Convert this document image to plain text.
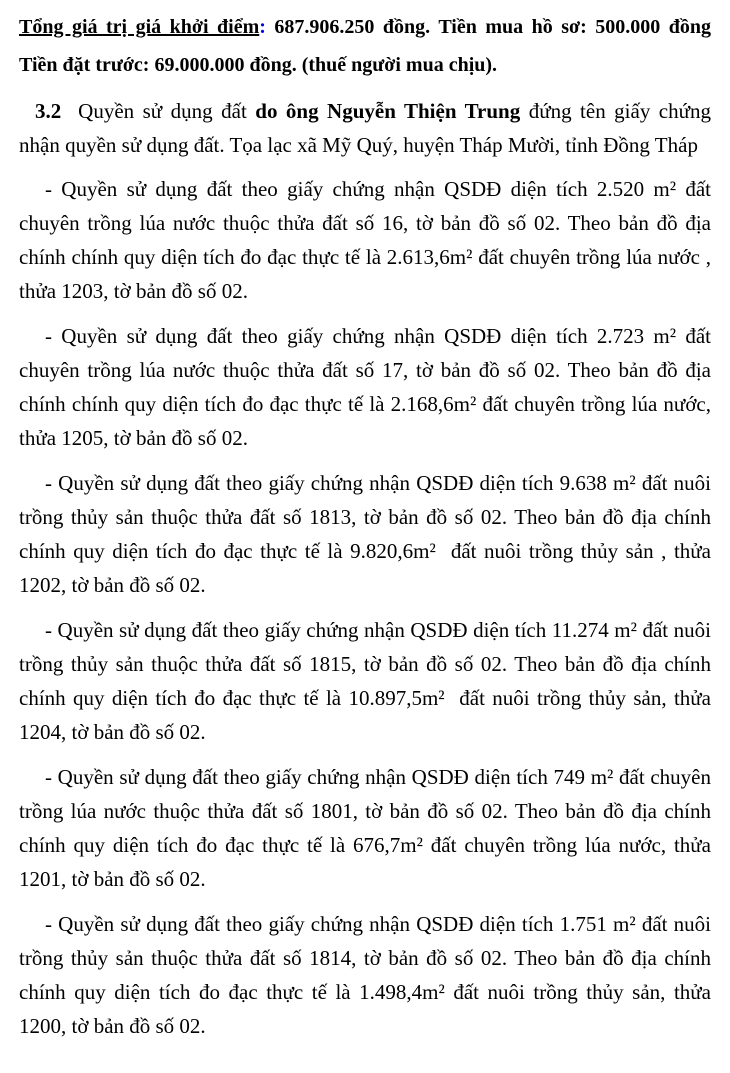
Tổng giá trị giá khởi điểm: 687.906.250 đồng. Tiền mua hồ sơ: 500.000 đồng

Tiền đặt trước: 69.000.000 đồng. (thuế người mua chịu).

3.2  Quyền sử dụng đất do ông Nguyễn Thiện Trung đứng tên giấy chứng nhận quyền sử dụng đất. Tọa lạc xã Mỹ Quý, huyện Tháp Mười, tỉnh Đồng Tháp

- Quyền sử dụng đất theo giấy chứng nhận QSDĐ diện tích 2.520 m² đất chuyên trồng lúa nước thuộc thửa đất số 16, tờ bản đồ số 02. Theo bản đồ địa chính chính quy diện tích đo đạc thực tế là 2.613,6m² đất chuyên trồng lúa nước , thửa 1203, tờ bản đồ số 02.

- Quyền sử dụng đất theo giấy chứng nhận QSDĐ diện tích 2.723 m² đất chuyên trồng lúa nước thuộc thửa đất số 17, tờ bản đồ số 02. Theo bản đồ địa chính chính quy diện tích đo đạc thực tế là 2.168,6m² đất chuyên trồng lúa nước, thửa 1205, tờ bản đồ số 02.

- Quyền sử dụng đất theo giấy chứng nhận QSDĐ diện tích 9.638 m² đất nuôi trồng thủy sản thuộc thửa đất số 1813, tờ bản đồ số 02. Theo bản đồ địa chính chính quy diện tích đo đạc thực tế là 9.820,6m²  đất nuôi trồng thủy sản , thửa 1202, tờ bản đồ số 02.

- Quyền sử dụng đất theo giấy chứng nhận QSDĐ diện tích 11.274 m² đất nuôi trồng thủy sản thuộc thửa đất số 1815, tờ bản đồ số 02. Theo bản đồ địa chính chính quy diện tích đo đạc thực tế là 10.897,5m²  đất nuôi trồng thủy sản, thửa 1204, tờ bản đồ số 02.

- Quyền sử dụng đất theo giấy chứng nhận QSDĐ diện tích 749 m² đất chuyên trồng lúa nước thuộc thửa đất số 1801, tờ bản đồ số 02. Theo bản đồ địa chính chính quy diện tích đo đạc thực tế là 676,7m² đất chuyên trồng lúa nước, thửa 1201, tờ bản đồ số 02.

- Quyền sử dụng đất theo giấy chứng nhận QSDĐ diện tích 1.751 m² đất nuôi trồng thủy sản thuộc thửa đất số 1814, tờ bản đồ số 02. Theo bản đồ địa chính chính quy diện tích đo đạc thực tế là 1.498,4m² đất nuôi trồng thủy sản, thửa 1200, tờ bản đồ số 02.
